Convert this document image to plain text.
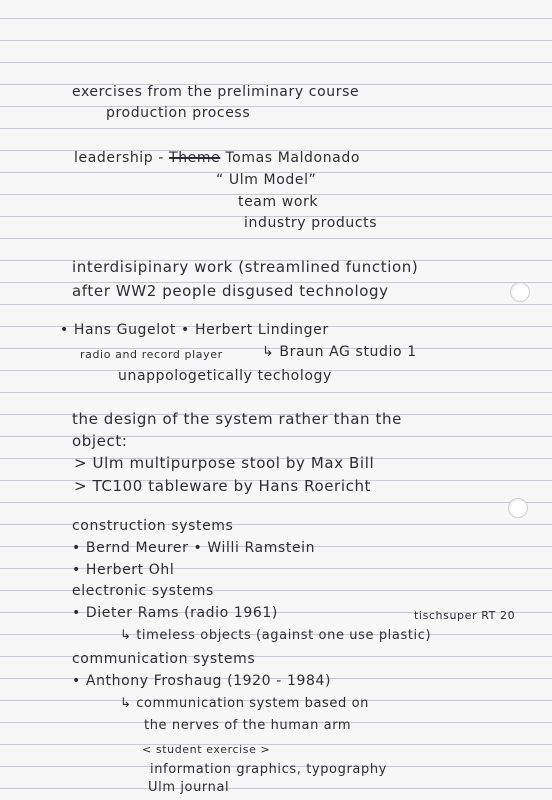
exercises from the preliminary course
production process
leadership - Theme Tomas Maldonado
“ Ulm Model”
team work
industry products
interdisipinary work (streamlined function)
after WW2 people disgused technology
• Hans Gugelot • Herbert Lindinger
radio and record player	↳ Braun AG studio 1
unappologetically techology
the design of the system rather than the
object:
> Ulm multipurpose stool by Max Bill
> TC100 tableware by Hans Roericht
construction systems
• Bernd Meurer • Willi Ramstein
• Herbert Ohl
electronic systems
• Dieter Rams (radio 1961)	tischsuper RT 20
↳ timeless objects (against one use plastic)
communication systems
• Anthony Froshaug (1920 - 1984)
↳ communication system based on
the nerves of the human arm
< student exercise >
information graphics, typography
Ulm journal
